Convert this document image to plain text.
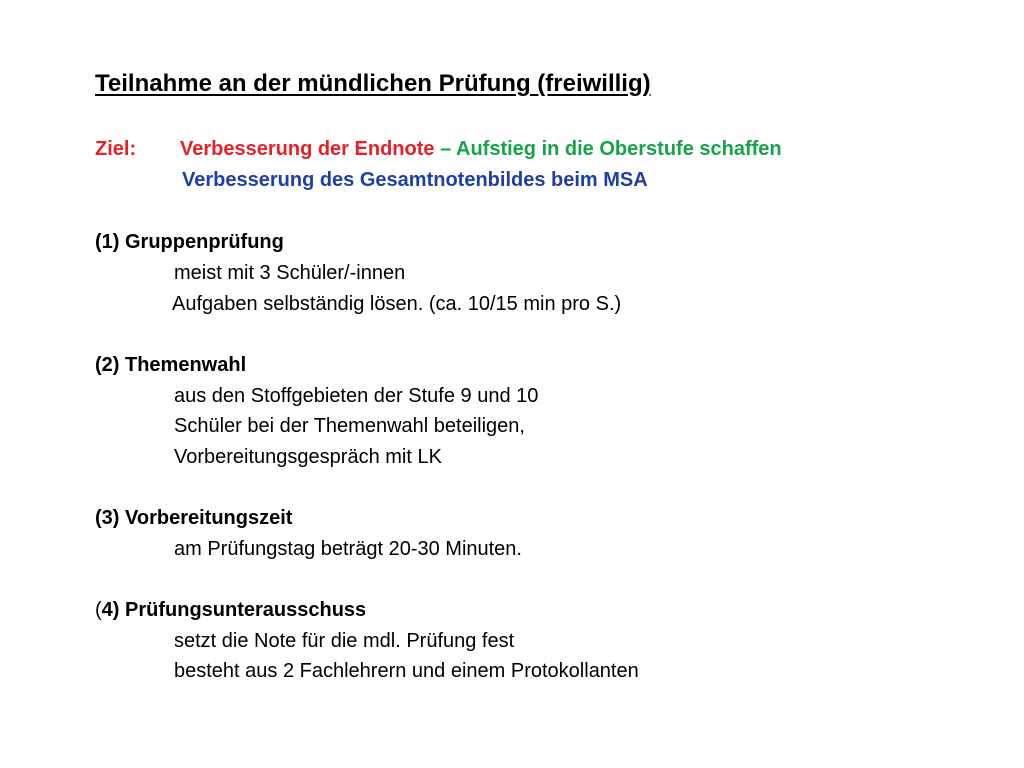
Teilnahme an der mündlichen Prüfung (freiwillig)
Ziel: Verbesserung der Endnote – Aufstieg in die Oberstufe schaffen
Verbesserung des Gesamtnotenbildes beim MSA
(1) Gruppenprüfung
meist mit 3 Schüler/-innen
Aufgaben selbständig lösen. (ca. 10/15 min pro S.)
(2) Themenwahl
aus den Stoffgebieten der Stufe 9 und 10
Schüler bei der Themenwahl beteiligen,
Vorbereitungsgespräch mit LK
(3) Vorbereitungszeit
am Prüfungstag beträgt 20-30 Minuten.
(4) Prüfungsunterausschuss
setzt die Note für die mdl. Prüfung fest
besteht aus 2 Fachlehrern und einem Protokollanten
